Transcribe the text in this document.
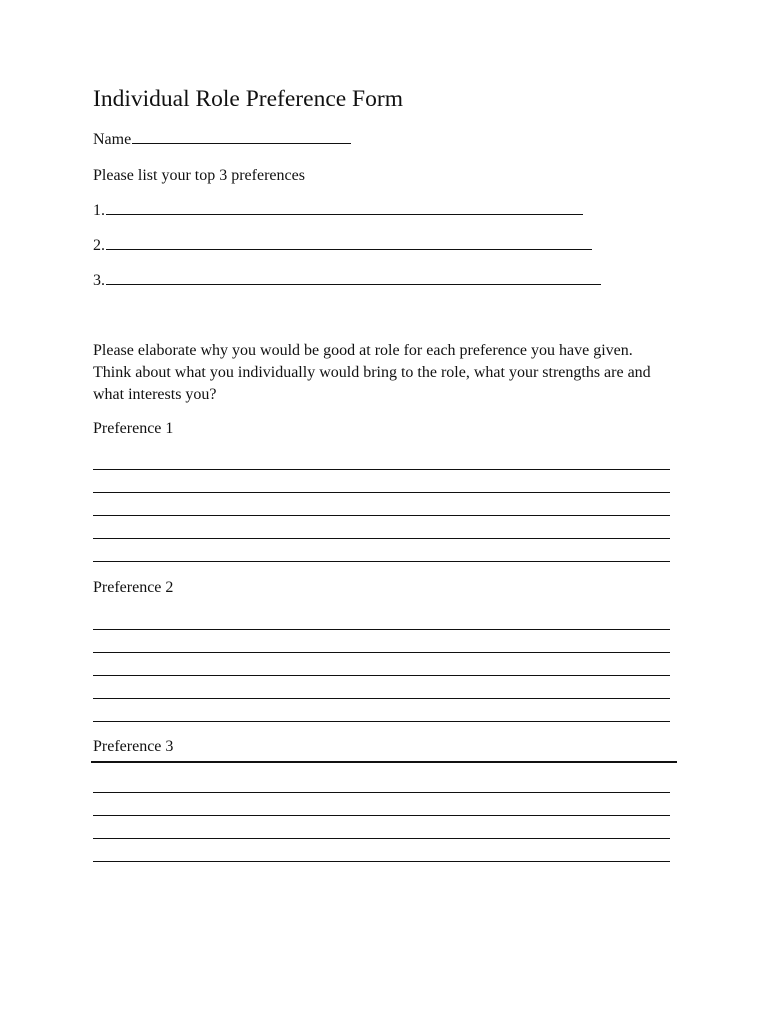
Individual Role Preference Form
Name
Please list your top 3 preferences
1.
2.
3.
Please elaborate why you would be good at role for each preference you have given. Think about what you individually would bring to the role, what your strengths are and what interests you?
Preference 1
Preference 2
Preference 3
